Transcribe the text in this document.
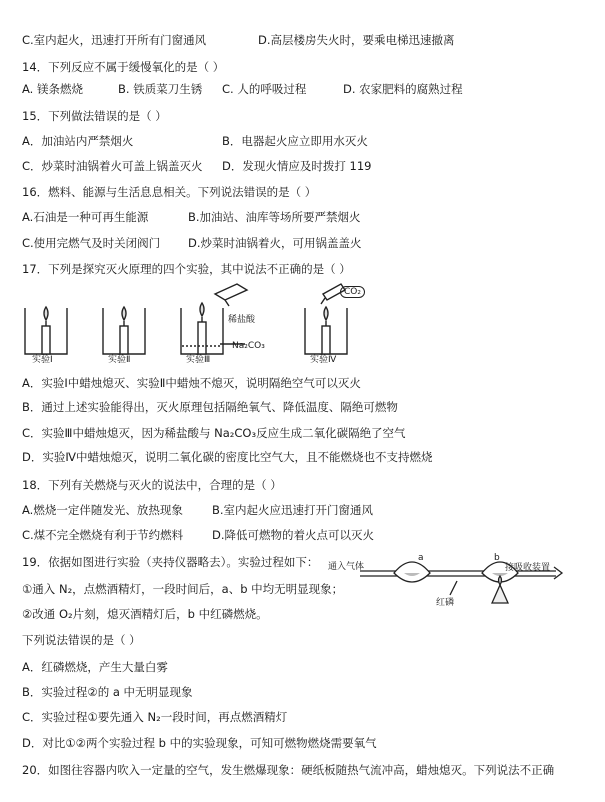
C.室内起火，迅速打开所有门窗通风	D.高层楼房失火时，要乘电梯迅速撤离
14．下列反应不属于缓慢氧化的是（ ）
A. 镁条燃烧	B. 铁质菜刀生锈 C. 人的呼吸过程	D. 农家肥料的腐熟过程
15．下列做法错误的是（ ）
A．加油站内严禁烟火	B．电器起火应立即用水灭火
C．炒菜时油锅着火可盖上锅盖灭火 D．发现火情应及时拨打 119
16．燃料、能源与生活息息相关。下列说法错误的是（ ）
A.石油是一种可再生能源	B.加油站、油库等场所要严禁烟火
C.使用完燃气及时关闭阀门 D.炒菜时油锅着火，可用锅盖盖火
17．下列是探究灭火原理的四个实验，其中说法不正确的是（ ）
实验Ⅰ	实验Ⅱ	实验Ⅲ	实验Ⅳ
稀盐酸
Na₂CO₃
CO₂
A．实验Ⅰ中蜡烛熄灭、实验Ⅱ中蜡烛不熄灭，说明隔绝空气可以灭火
B．通过上述实验能得出，灭火原理包括隔绝氧气、降低温度、隔绝可燃物
C．实验Ⅲ中蜡烛熄灭，因为稀盐酸与 Na₂CO₃反应生成二氧化碳隔绝了空气
D．实验Ⅳ中蜡烛熄灭，说明二氧化碳的密度比空气大，且不能燃烧也不支持燃烧
18．下列有关燃烧与灭火的说法中，合理的是（ ）
A.燃烧一定伴随发光、放热现象	B.室内起火应迅速打开门窗通风
C.煤不完全燃烧有利于节约燃料	D.降低可燃物的着火点可以灭火
19．依据如图进行实验（夹持仪器略去）。实验过程如下： 通入气体	接吸收装置
红磷
a	b
①通入 N₂，点燃酒精灯，一段时间后，a、b 中均无明显现象；
②改通 O₂片刻，熄灭酒精灯后，b 中红磷燃烧。
下列说法错误的是（ ）
A．红磷燃烧，产生大量白雾
B．实验过程②的 a 中无明显现象
C．实验过程①要先通入 N₂一段时间，再点燃酒精灯
D．对比①②两个实验过程 b 中的实验现象，可知可燃物燃烧需要氧气
20．如图往容器内吹入一定量的空气，发生燃爆现象：硬纸板随热气流冲高，蜡烛熄灭。下列说法不正确
